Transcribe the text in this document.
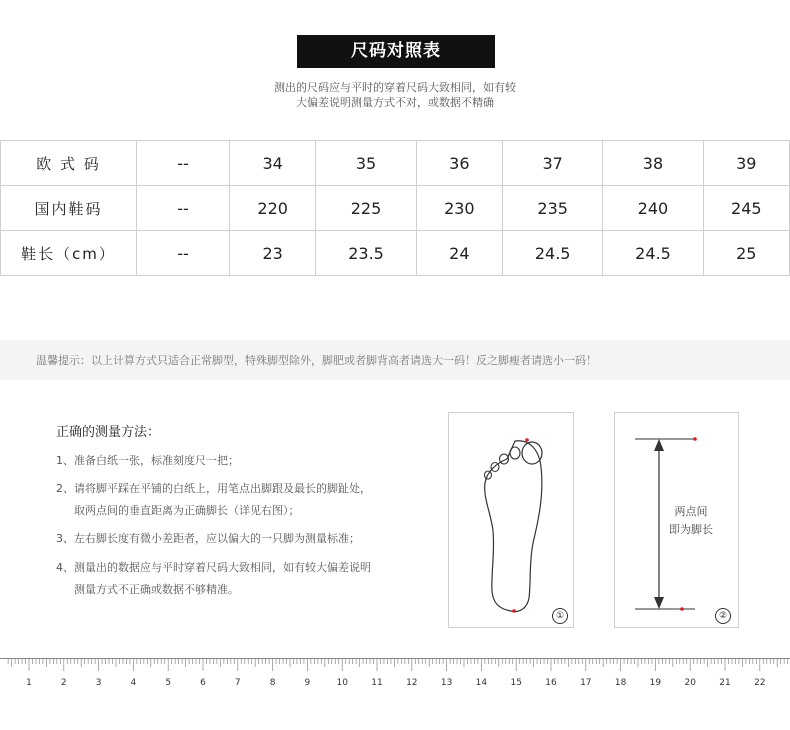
尺码对照表
测出的尺码应与平时的穿着尺码大致相同，如有较
大偏差说明测量方式不对，或数据不精确
欧 式 码	--	34	35	36	37	38	39
国内鞋码	--	220	225	230	235	240	245
鞋长（cm）	--	23	23.5	24	24.5	24.5	25
温馨提示：以上计算方式只适合正常脚型，特殊脚型除外，脚肥或者脚背高者请选大一码！反之脚瘦者请选小一码！
正确的测量方法：
1、准备白纸一张，标准刻度尺一把；
2、请将脚平踩在平铺的白纸上，用笔点出脚跟及最长的脚趾处，
取两点间的垂直距离为正确脚长（详见右图）；
3、左右脚长度有微小差距者，应以偏大的一只脚为测量标准；
4、测量出的数据应与平时穿着尺码大致相同，如有较大偏差说明
测量方式不正确或数据不够精准。
①
两点间
即为脚长
②
1	2	3	4	5	6	7	8	9	10	11	12	13	14	15	16	17	18	19	20	21	22
